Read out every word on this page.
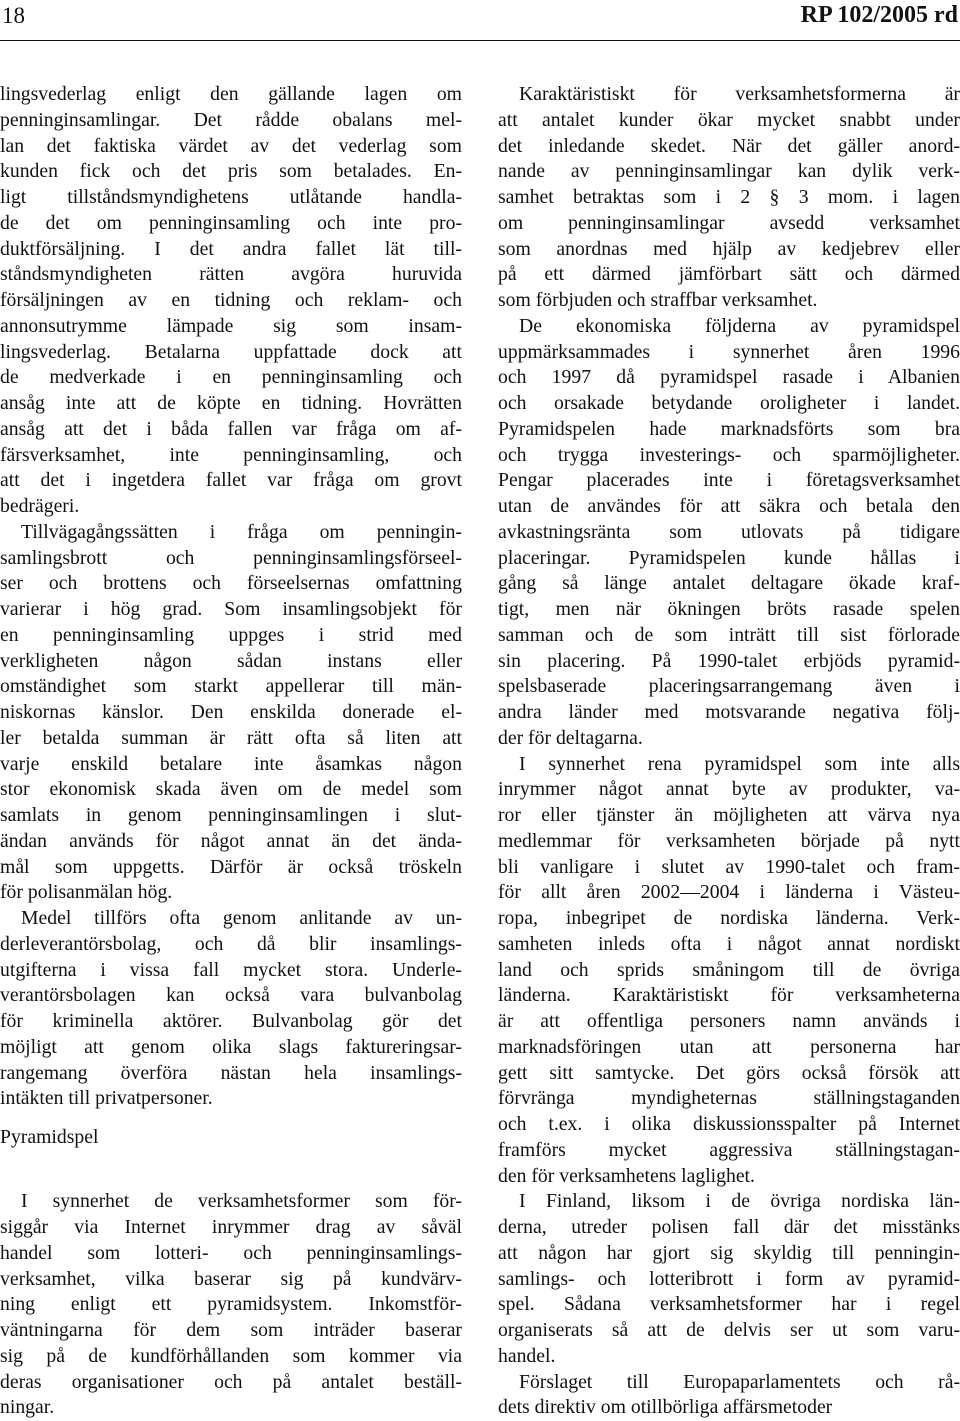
18	RP 102/2005 rd
lingsvederlag enligt den gällande lagen om
penninginsamlingar. Det rådde obalans mel-
lan det faktiska värdet av det vederlag som
kunden fick och det pris som betalades. En-
ligt tillståndsmyndighetens utlåtande handla-
de det om penninginsamling och inte pro-
duktförsäljning. I det andra fallet lät till-
ståndsmyndigheten rätten avgöra huruvida
försäljningen av en tidning och reklam- och
annonsutrymme lämpade sig som insam-
lingsvederlag. Betalarna uppfattade dock att
de medverkade i en penninginsamling och
ansåg inte att de köpte en tidning. Hovrätten
ansåg att det i båda fallen var fråga om af-
färsverksamhet, inte penninginsamling, och
att det i ingetdera fallet var fråga om grovt
bedrägeri.
Tillvägagångssätten i fråga om penningin-
samlingsbrott och penninginsamlingsförseel-
ser och brottens och förseelsernas omfattning
varierar i hög grad. Som insamlingsobjekt för
en penninginsamling uppges i strid med
verkligheten någon sådan instans eller
omständighet som starkt appellerar till män-
niskornas känslor. Den enskilda donerade el-
ler betalda summan är rätt ofta så liten att
varje enskild betalare inte åsamkas någon
stor ekonomisk skada även om de medel som
samlats in genom penninginsamlingen i slut-
ändan används för något annat än det ända-
mål som uppgetts. Därför är också tröskeln
för polisanmälan hög.
Medel tillförs ofta genom anlitande av un-
derleverantörsbolag, och då blir insamlings-
utgifterna i vissa fall mycket stora. Underle-
verantörsbolagen kan också vara bulvanbolag
för kriminella aktörer. Bulvanbolag gör det
möjligt att genom olika slags faktureringsar-
rangemang överföra nästan hela insamlings-
intäkten till privatpersoner.
Pyramidspel
I synnerhet de verksamhetsformer som för-
siggår via Internet inrymmer drag av såväl
handel som lotteri- och penninginsamlings-
verksamhet, vilka baserar sig på kundvärv-
ning enligt ett pyramidsystem. Inkomstför-
väntningarna för dem som inträder baserar
sig på de kundförhållanden som kommer via
deras organisationer och på antalet beställ-
ningar.
Karaktäristiskt för verksamhetsformerna är
att antalet kunder ökar mycket snabbt under
det inledande skedet. När det gäller anord-
nande av penninginsamlingar kan dylik verk-
samhet betraktas som i 2 § 3 mom. i lagen
om penninginsamlingar avsedd verksamhet
som anordnas med hjälp av kedjebrev eller
på ett därmed jämförbart sätt och därmed
som förbjuden och straffbar verksamhet.
De ekonomiska följderna av pyramidspel
uppmärksammades i synnerhet åren 1996
och 1997 då pyramidspel rasade i Albanien
och orsakade betydande oroligheter i landet.
Pyramidspelen hade marknadsförts som bra
och trygga investerings- och sparmöjligheter.
Pengar placerades inte i företagsverksamhet
utan de användes för att säkra och betala den
avkastningsränta som utlovats på tidigare
placeringar. Pyramidspelen kunde hållas i
gång så länge antalet deltagare ökade kraf-
tigt, men när ökningen bröts rasade spelen
samman och de som inträtt till sist förlorade
sin placering. På 1990-talet erbjöds pyramid-
spelsbaserade placeringsarrangemang även i
andra länder med motsvarande negativa följ-
der för deltagarna.
I synnerhet rena pyramidspel som inte alls
inrymmer något annat byte av produkter, va-
ror eller tjänster än möjligheten att värva nya
medlemmar för verksamheten började på nytt
bli vanligare i slutet av 1990-talet och fram-
för allt åren 2002—2004 i länderna i Västeu-
ropa, inbegripet de nordiska länderna. Verk-
samheten inleds ofta i något annat nordiskt
land och sprids småningom till de övriga
länderna. Karaktäristiskt för verksamheterna
är att offentliga personers namn används i
marknadsföringen utan att personerna har
gett sitt samtycke. Det görs också försök att
förvränga myndigheternas ställningstaganden
och t.ex. i olika diskussionsspalter på Internet
framförs mycket aggressiva ställningstagan-
den för verksamhetens laglighet.
I Finland, liksom i de övriga nordiska län-
derna, utreder polisen fall där det misstänks
att någon har gjort sig skyldig till penningin-
samlings- och lotteribrott i form av pyramid-
spel. Sådana verksamhetsformer har i regel
organiserats så att de delvis ser ut som varu-
handel.
Förslaget till Europaparlamentets och rå-
dets direktiv om otillbörliga affärsmetoder
